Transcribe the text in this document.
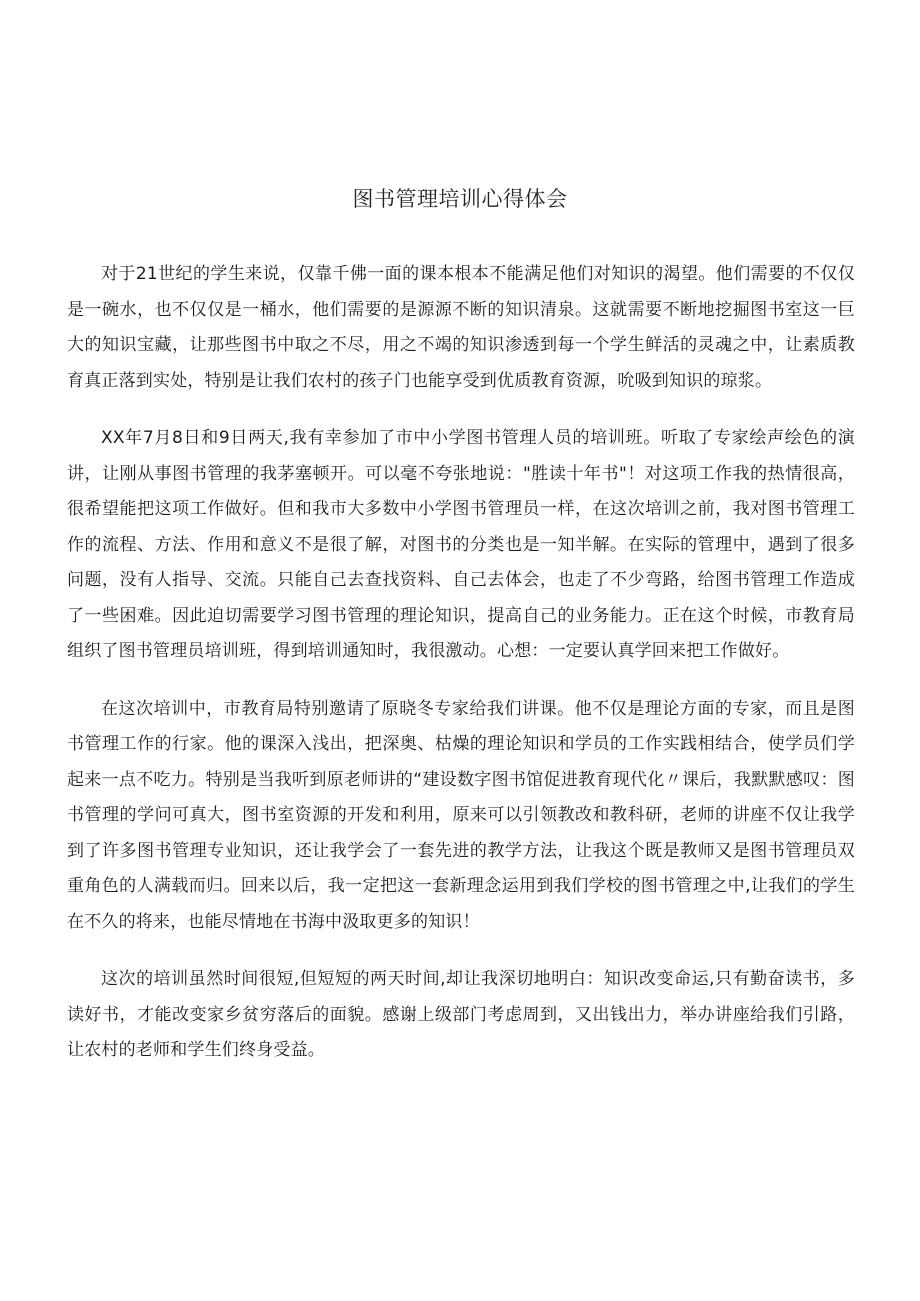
图书管理培训心得体会

对于21世纪的学生来说，仅靠千佛一面的课本根本不能满足他们对知识的渴望。他们需要的不仅仅是一碗水，也不仅仅是一桶水，他们需要的是源源不断的知识清泉。这就需要不断地挖掘图书室这一巨大的知识宝藏，让那些图书中取之不尽，用之不竭的知识渗透到每一个学生鲜活的灵魂之中，让素质教育真正落到实处，特别是让我们农村的孩子门也能享受到优质教育资源，吮吸到知识的琼浆。

XX年7月8日和9日两天,我有幸参加了市中小学图书管理人员的培训班。听取了专家绘声绘色的演讲，让刚从事图书管理的我茅塞顿开。可以毫不夸张地说："胜读十年书"！对这项工作我的热情很高，很希望能把这项工作做好。但和我市大多数中小学图书管理员一样，在这次培训之前，我对图书管理工作的流程、方法、作用和意义不是很了解，对图书的分类也是一知半解。在实际的管理中，遇到了很多问题，没有人指导、交流。只能自己去查找资料、自己去体会，也走了不少弯路，给图书管理工作造成了一些困难。因此迫切需要学习图书管理的理论知识，提高自己的业务能力。正在这个时候，市教育局组织了图书管理员培训班，得到培训通知时，我很激动。心想：一定要认真学回来把工作做好。

在这次培训中，市教育局特别邀请了原晓冬专家给我们讲课。他不仅是理论方面的专家，而且是图书管理工作的行家。他的课深入浅出，把深奥、枯燥的理论知识和学员的工作实践相结合，使学员们学起来一点不吃力。特别是当我听到原老师讲的“建设数字图书馆促进教育现代化〃课后，我默默感叹：图书管理的学问可真大，图书室资源的开发和利用，原来可以引领教改和教科研，老师的讲座不仅让我学到了许多图书管理专业知识，还让我学会了一套先进的教学方法，让我这个既是教师又是图书管理员双重角色的人满载而归。回来以后，我一定把这一套新理念运用到我们学校的图书管理之中,让我们的学生在不久的将来，也能尽情地在书海中汲取更多的知识！

这次的培训虽然时间很短,但短短的两天时间,却让我深切地明白：知识改变命运,只有勤奋读书，多读好书，才能改变家乡贫穷落后的面貌。感谢上级部门考虑周到，又出钱出力，举办讲座给我们引路，让农村的老师和学生们终身受益。
